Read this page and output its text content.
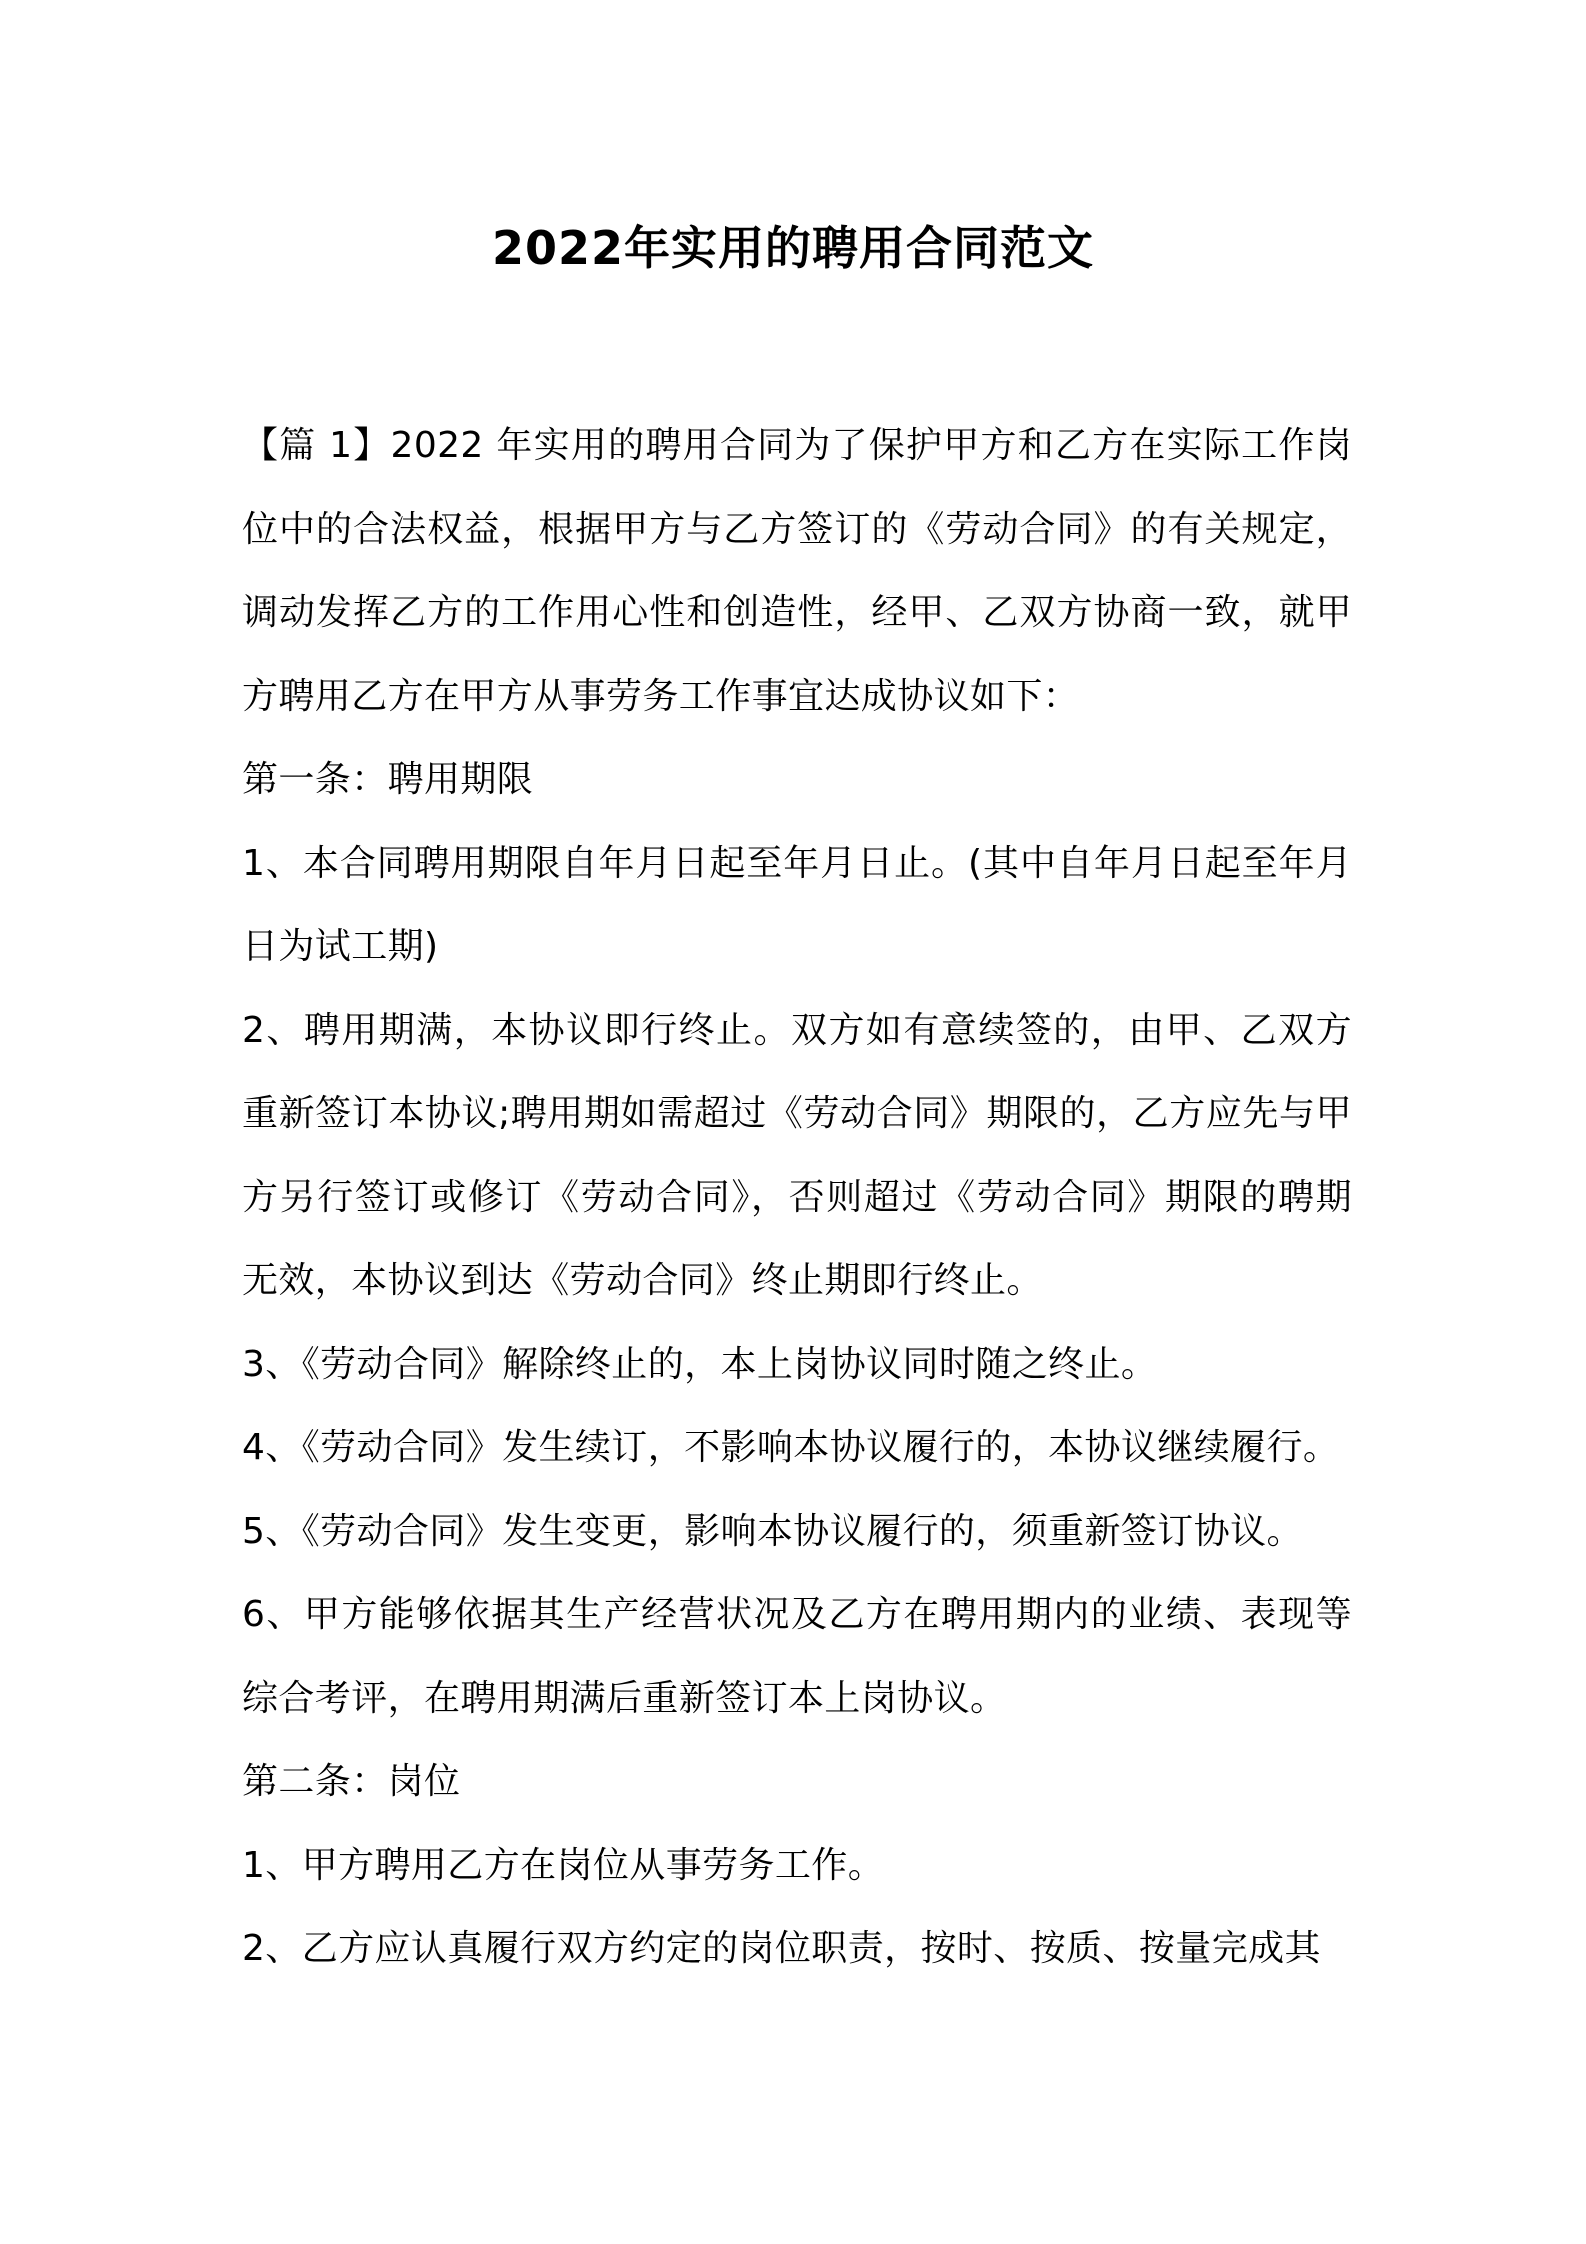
2022年实用的聘用合同范文

【篇 1】2022 年实用的聘用合同为了保护甲方和乙方在实际工作岗位中的合法权益，根据甲方与乙方签订的《劳动合同》的有关规定，调动发挥乙方的工作用心性和创造性，经甲、乙双方协商一致，就甲方聘用乙方在甲方从事劳务工作事宜达成协议如下：

第一条：聘用期限

1、本合同聘用期限自年月日起至年月日止。(其中自年月日起至年月日为试工期)

2、聘用期满，本协议即行终止。双方如有意续签的，由甲、乙双方重新签订本协议;聘用期如需超过《劳动合同》期限的，乙方应先与甲方另行签订或修订《劳动合同》，否则超过《劳动合同》期限的聘期无效，本协议到达《劳动合同》终止期即行终止。

3、《劳动合同》解除终止的，本上岗协议同时随之终止。

4、《劳动合同》发生续订，不影响本协议履行的，本协议继续履行。

5、《劳动合同》发生变更，影响本协议履行的，须重新签订协议。

6、甲方能够依据其生产经营状况及乙方在聘用期内的业绩、表现等综合考评，在聘用期满后重新签订本上岗协议。

第二条：岗位

1、甲方聘用乙方在岗位从事劳务工作。

2、乙方应认真履行双方约定的岗位职责，按时、按质、按量完成其
